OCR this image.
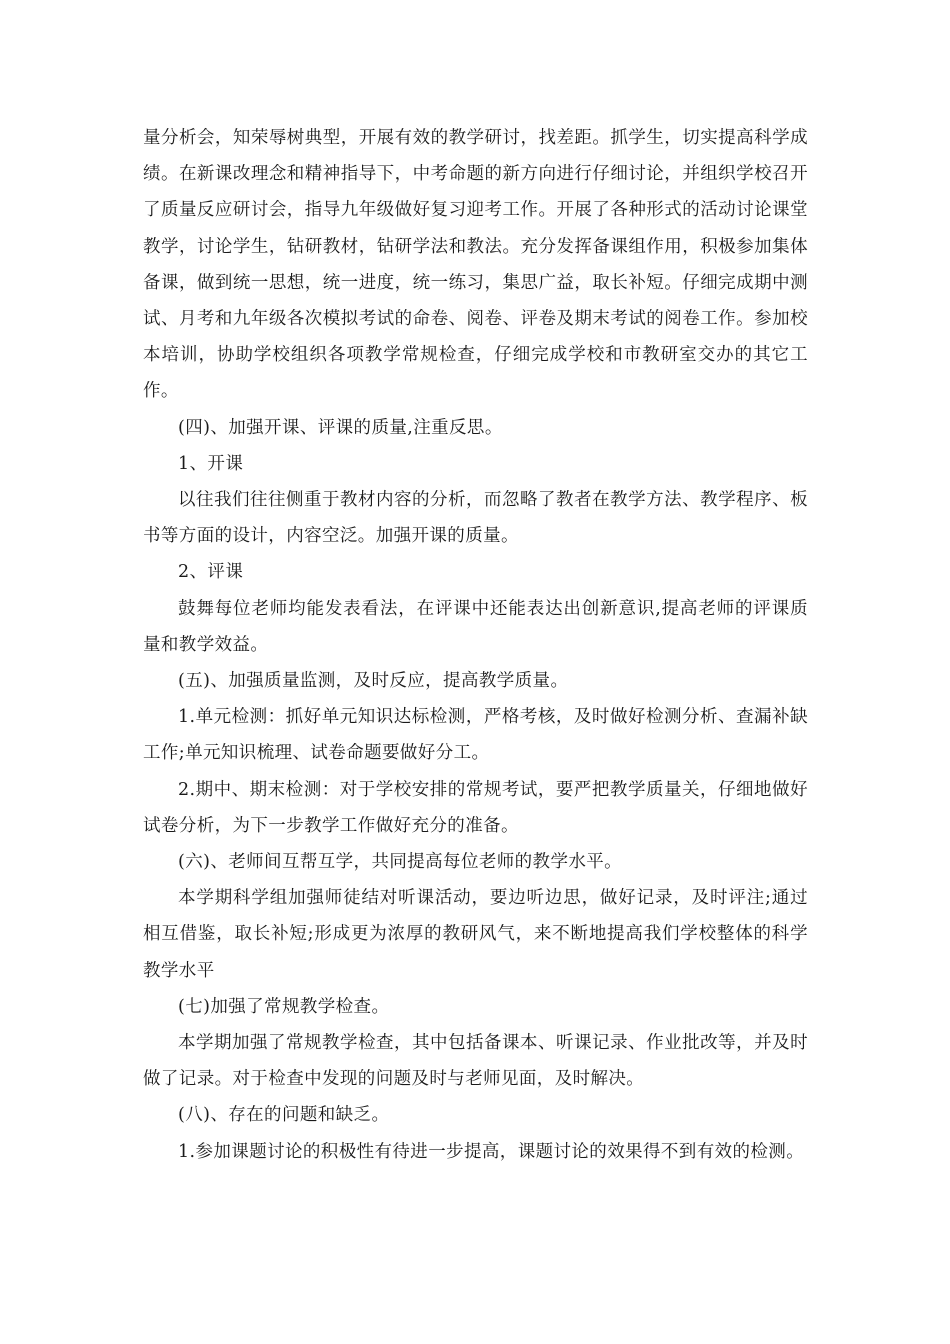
量分析会，知荣辱树典型，开展有效的教学研讨，找差距。抓学生，切实提高科学成绩。在新课改理念和精神指导下，中考命题的新方向进行仔细讨论，并组织学校召开了质量反应研讨会，指导九年级做好复习迎考工作。开展了各种形式的活动讨论课堂教学，讨论学生，钻研教材，钻研学法和教法。充分发挥备课组作用，积极参加集体备课，做到统一思想，统一进度，统一练习，集思广益，取长补短。仔细完成期中测试、月考和九年级各次模拟考试的命卷、阅卷、评卷及期末考试的阅卷工作。参加校本培训，协助学校组织各项教学常规检查，仔细完成学校和市教研室交办的其它工作。

(四)、加强开课、评课的质量,注重反思。

1、开课

以往我们往往侧重于教材内容的分析，而忽略了教者在教学方法、教学程序、板书等方面的设计，内容空泛。加强开课的质量。

2、评课

鼓舞每位老师均能发表看法，在评课中还能表达出创新意识,提高老师的评课质量和教学效益。

(五)、加强质量监测，及时反应，提高教学质量。

1.单元检测：抓好单元知识达标检测，严格考核，及时做好检测分析、查漏补缺工作;单元知识梳理、试卷命题要做好分工。

2.期中、期末检测：对于学校安排的常规考试，要严把教学质量关，仔细地做好试卷分析，为下一步教学工作做好充分的准备。

(六)、老师间互帮互学，共同提高每位老师的教学水平。

本学期科学组加强师徒结对听课活动，要边听边思，做好记录，及时评注;通过相互借鉴，取长补短;形成更为浓厚的教研风气，来不断地提高我们学校整体的科学教学水平

(七)加强了常规教学检查。

本学期加强了常规教学检查，其中包括备课本、听课记录、作业批改等，并及时做了记录。对于检查中发现的问题及时与老师见面，及时解决。

(八)、存在的问题和缺乏。

1.参加课题讨论的积极性有待进一步提高，课题讨论的效果得不到有效的检测。
